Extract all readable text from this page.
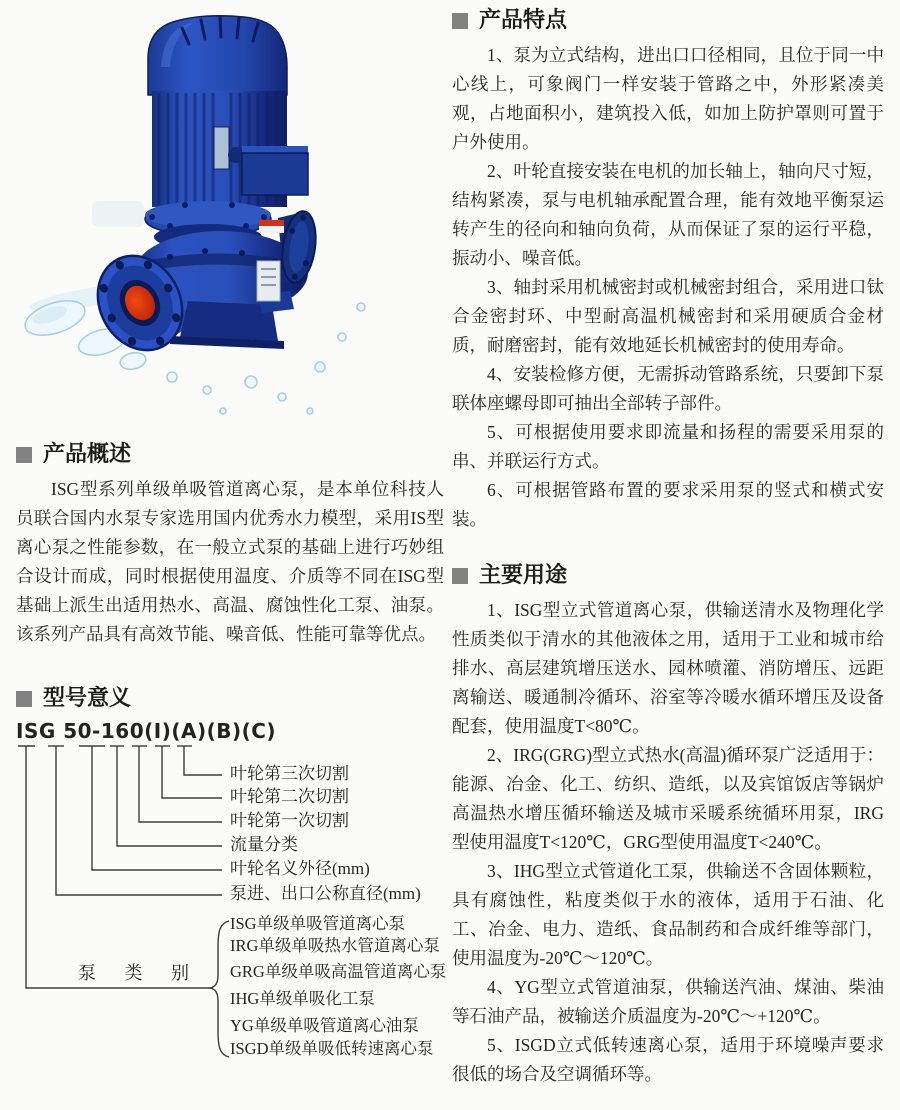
产品特点

1、泵为立式结构，进出口口径相同，且位于同一中心线上，可象阀门一样安装于管路之中，外形紧凑美观，占地面积小，建筑投入低，如加上防护罩则可置于户外使用。

2、叶轮直接安装在电机的加长轴上，轴向尺寸短，结构紧凑，泵与电机轴承配置合理，能有效地平衡泵运转产生的径向和轴向负荷，从而保证了泵的运行平稳，振动小、噪音低。

3、轴封采用机械密封或机械密封组合，采用进口钛合金密封环、中型耐高温机械密封和采用硬质合金材质，耐磨密封，能有效地延长机械密封的使用寿命。

4、安装检修方便，无需拆动管路系统，只要卸下泵联体座螺母即可抽出全部转子部件。

5、可根据使用要求即流量和扬程的需要采用泵的串、并联运行方式。

6、可根据管路布置的要求采用泵的竖式和横式安装。

主要用途

1、ISG型立式管道离心泵，供输送清水及物理化学性质类似于清水的其他液体之用，适用于工业和城市给排水、高层建筑增压送水、园林喷灌、消防增压、远距离输送、暖通制冷循环、浴室等冷暖水循环增压及设备配套，使用温度T<80℃。

2、IRG(GRG)型立式热水(高温)循环泵广泛适用于：能源、冶金、化工、纺织、造纸，以及宾馆饭店等锅炉高温热水增压循环输送及城市采暖系统循环用泵，IRG型使用温度T<120℃，GRG型使用温度T<240℃。

3、IHG型立式管道化工泵，供输送不含固体颗粒，具有腐蚀性，粘度类似于水的液体，适用于石油、化工、冶金、电力、造纸、食品制药和合成纤维等部门，使用温度为-20℃～120℃。

4、YG型立式管道油泵，供输送汽油、煤油、柴油等石油产品，被输送介质温度为-20℃～+120℃。

5、ISGD立式低转速离心泵，适用于环境噪声要求很低的场合及空调循环等。

产品概述

ISG型系列单级单吸管道离心泵，是本单位科技人员联合国内水泵专家选用国内优秀水力模型，采用IS型离心泵之性能参数，在一般立式泵的基础上进行巧妙组合设计而成，同时根据使用温度、介质等不同在ISG型基础上派生出适用热水、高温、腐蚀性化工泵、油泵。该系列产品具有高效节能、噪音低、性能可靠等优点。

型号意义
ISG 50-160(I)(A)(B)(C)
叶轮第三次切割
叶轮第二次切割
叶轮第一次切割
流量分类
叶轮名义外径(mm)
泵进、出口公称直径(mm)
泵 类 别
ISG单级单吸管道离心泵
IRG单级单吸热水管道离心泵
GRG单级单吸高温管道离心泵
IHG单级单吸化工泵
YG单级单吸管道离心油泵
ISGD单级单吸低转速离心泵
